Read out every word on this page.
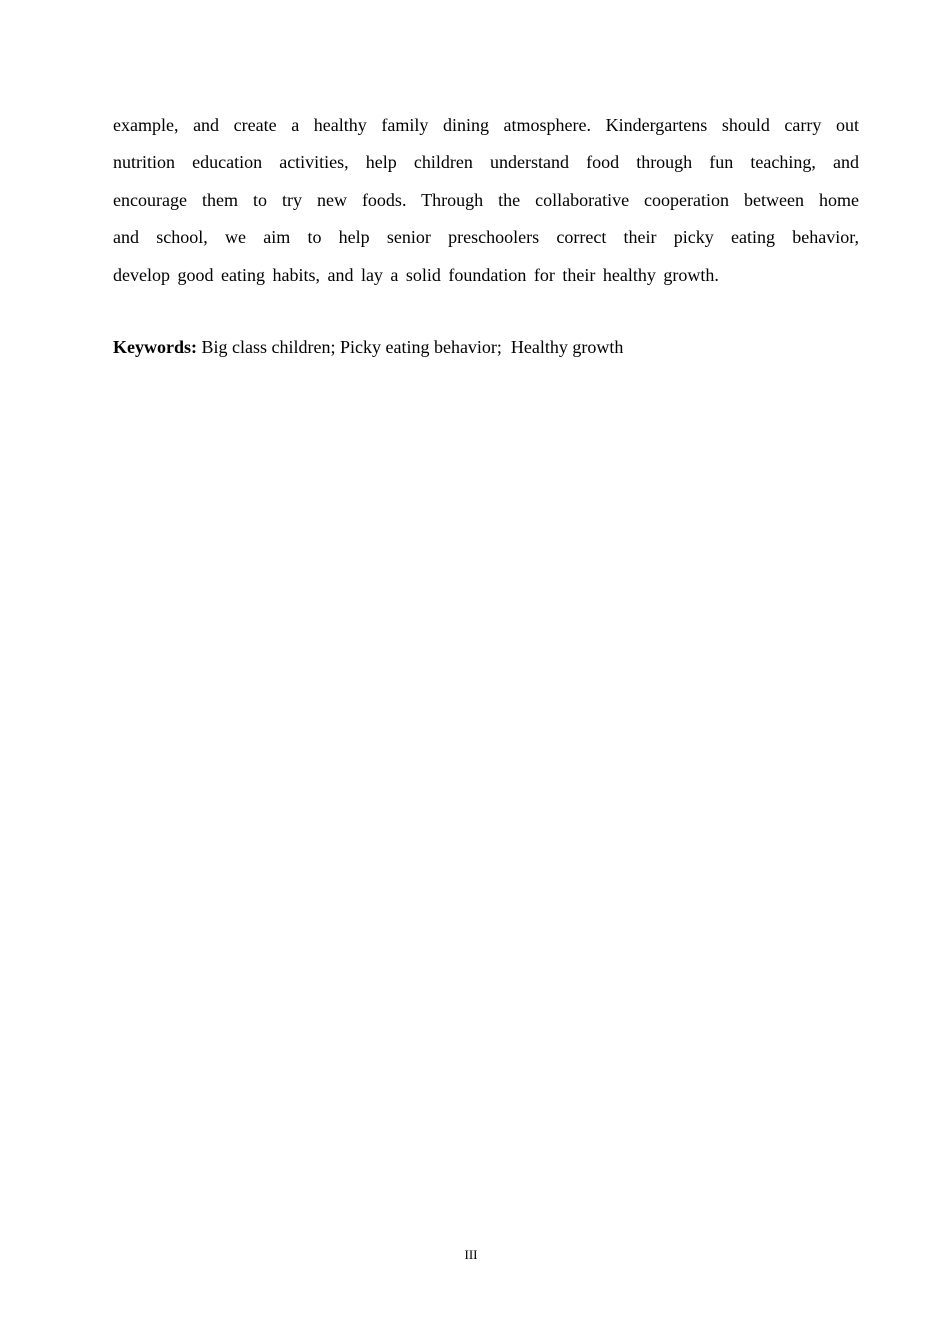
example, and create a healthy family dining atmosphere. Kindergartens should carry out
nutrition education activities, help children understand food through fun teaching, and
encourage them to try new foods. Through the collaborative cooperation between home
and school, we aim to help senior preschoolers correct their picky eating behavior,
develop good eating habits, and lay a solid foundation for their healthy growth.
Keywords: Big class children; Picky eating behavior;  Healthy growth
III
